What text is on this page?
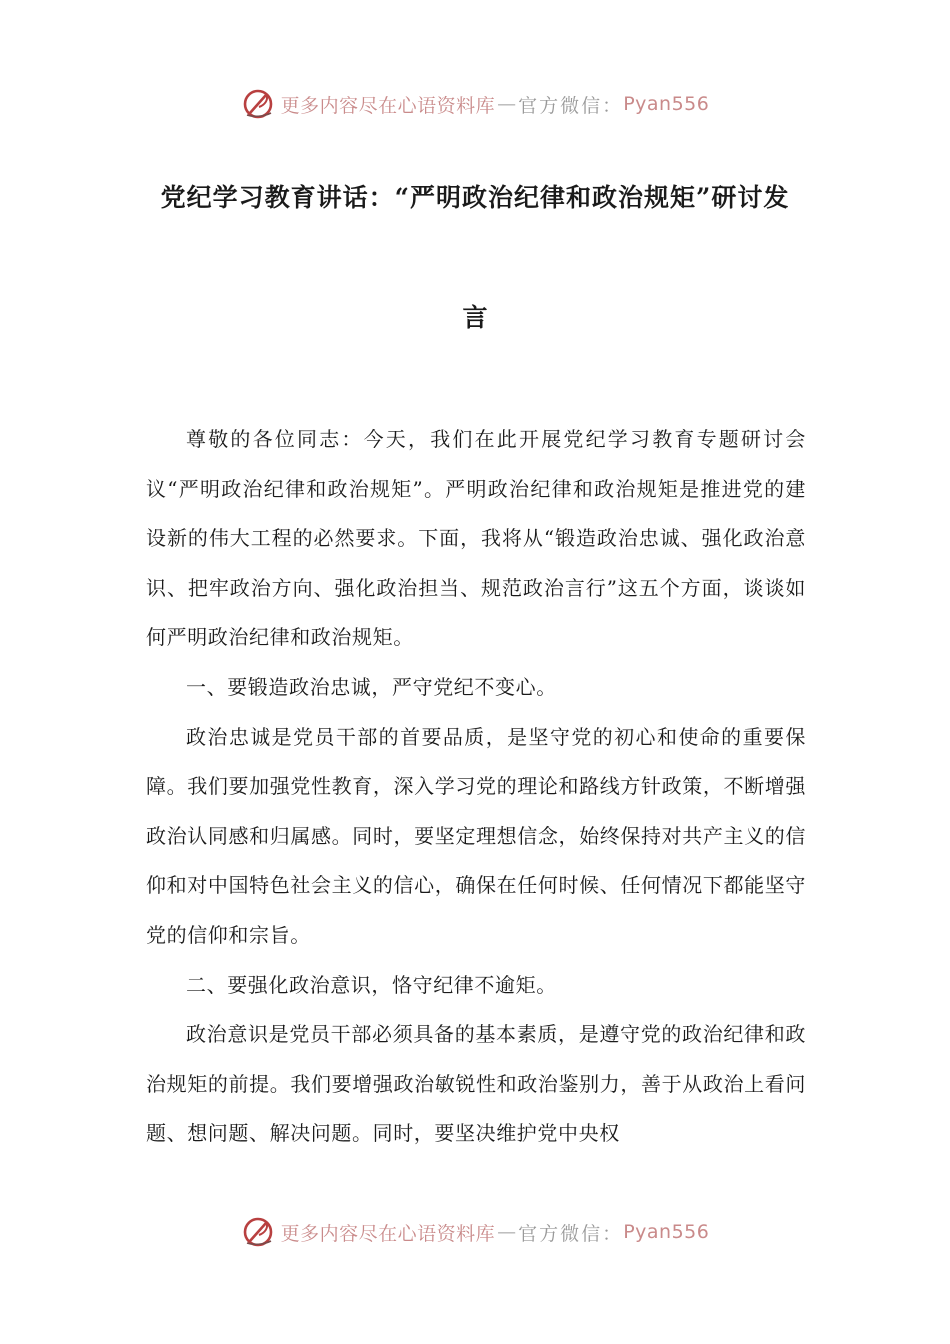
更多内容尽在心语资料库 — 官方微信： Pyan556
党纪学习教育讲话：“严明政治纪律和政治规矩”研讨发
言

尊敬的各位同志：今天，我们在此开展党纪学习教育专题研讨会议“严明政治纪律和政治规矩”。严明政治纪律和政治规矩是推进党的建设新的伟大工程的必然要求。下面，我将从“锻造政治忠诚、强化政治意识、把牢政治方向、强化政治担当、规范政治言行”这五个方面，谈谈如何严明政治纪律和政治规矩。

一、要锻造政治忠诚，严守党纪不变心。

政治忠诚是党员干部的首要品质，是坚守党的初心和使命的重要保障。我们要加强党性教育，深入学习党的理论和路线方针政策，不断增强政治认同感和归属感。同时，要坚定理想信念，始终保持对共产主义的信仰和对中国特色社会主义的信心，确保在任何时候、任何情况下都能坚守党的信仰和宗旨。

二、要强化政治意识，恪守纪律不逾矩。

政治意识是党员干部必须具备的基本素质，是遵守党的政治纪律和政治规矩的前提。我们要增强政治敏锐性和政治鉴别力，善于从政治上看问题、想问题、解决问题。同时，要坚决维护党中央权

更多内容尽在心语资料库 — 官方微信： Pyan556
